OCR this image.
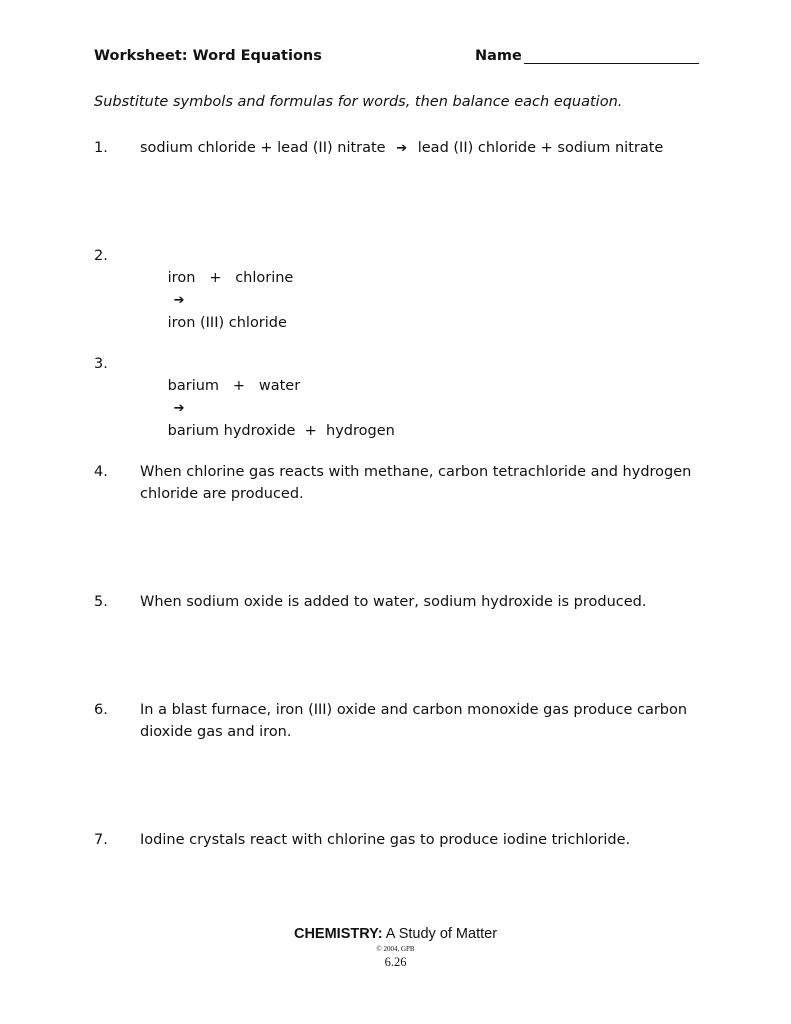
Worksheet: Word Equations	Name
Substitute symbols and formulas for words, then balance each equation.
1.	sodium chloride + lead (II) nitrate ➔ lead (II) chloride + sodium nitrate
2.

iron   +   chlorine
➔
iron (III) chloride

3.

barium   +   water
➔
barium hydroxide  +  hydrogen

4.	When chlorine gas reacts with methane, carbon tetrachloride and hydrogen chloride are produced.
5.	When sodium oxide is added to water, sodium hydroxide is produced.
6.	In a blast furnace, iron (III) oxide and carbon monoxide gas produce carbon dioxide gas and iron.
7.	Iodine crystals react with chlorine gas to produce iodine trichloride.
CHEMISTRY: A Study of Matter
© 2004, GPB
6.26
